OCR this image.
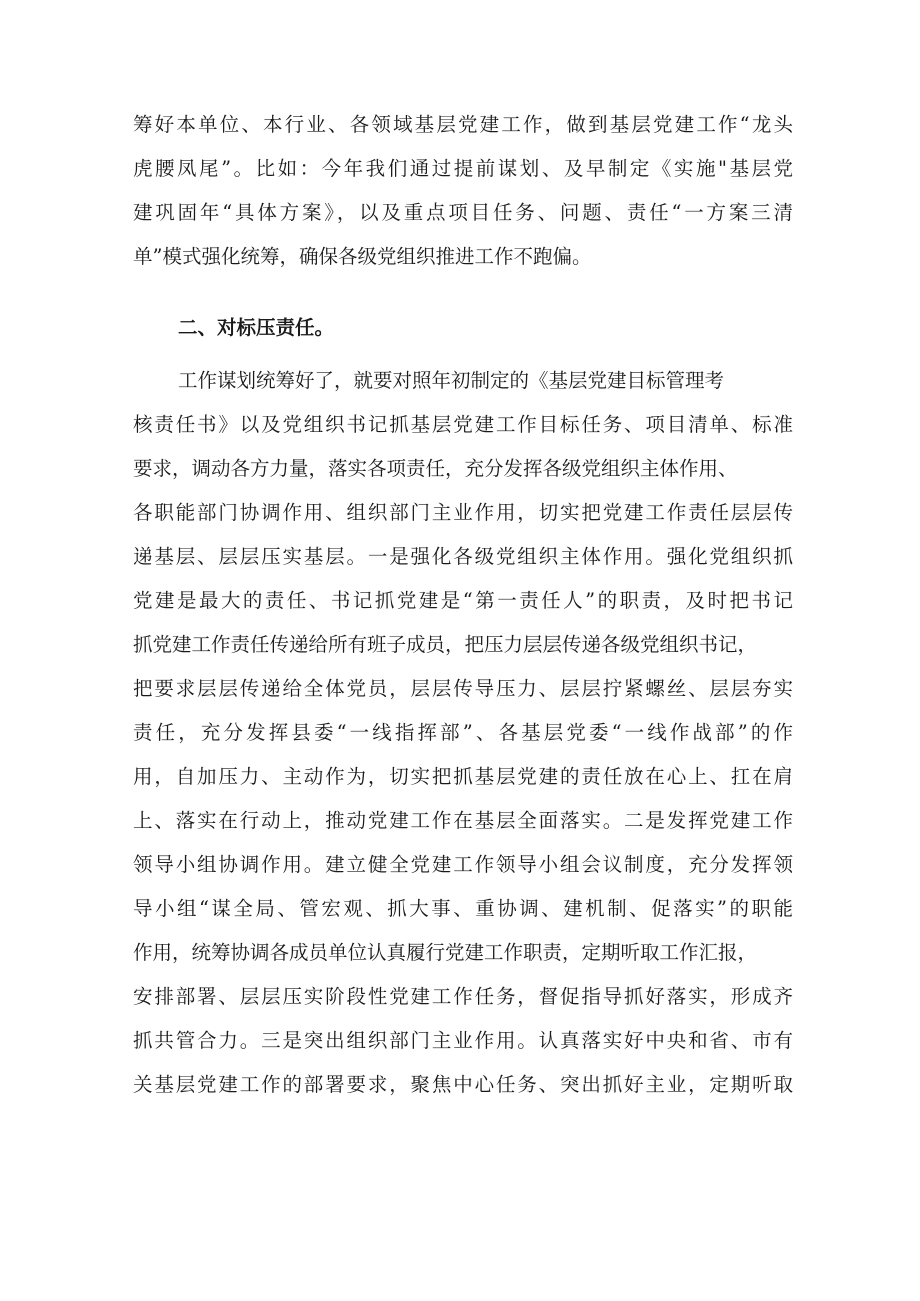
筹好本单位、本行业、各领域基层党建工作，做到基层党建工作“龙头
虎腰凤尾”。比如：今年我们通过提前谋划、及早制定《实施"基层党
建巩固年“具体方案》，以及重点项目任务、问题、责任“一方案三清
单”模式强化统筹，确保各级党组织推进工作不跑偏。
二、对标压责任。
工作谋划统筹好了，就要对照年初制定的《基层党建目标管理考
核责任书》以及党组织书记抓基层党建工作目标任务、项目清单、标准
要求，调动各方力量，落实各项责任，充分发挥各级党组织主体作用、
各职能部门协调作用、组织部门主业作用，切实把党建工作责任层层传
递基层、层层压实基层。一是强化各级党组织主体作用。强化党组织抓
党建是最大的责任、书记抓党建是“第一责任人”的职责，及时把书记
抓党建工作责任传递给所有班子成员，把压力层层传递各级党组织书记，
把要求层层传递给全体党员，层层传导压力、层层拧紧螺丝、层层夯实
责任，充分发挥县委“一线指挥部”、各基层党委“一线作战部”的作
用，自加压力、主动作为，切实把抓基层党建的责任放在心上、扛在肩
上、落实在行动上，推动党建工作在基层全面落实。二是发挥党建工作
领导小组协调作用。建立健全党建工作领导小组会议制度，充分发挥领
导小组“谋全局、管宏观、抓大事、重协调、建机制、促落实”的职能
作用，统筹协调各成员单位认真履行党建工作职责，定期听取工作汇报，
安排部署、层层压实阶段性党建工作任务，督促指导抓好落实，形成齐
抓共管合力。三是突出组织部门主业作用。认真落实好中央和省、市有
关基层党建工作的部署要求，聚焦中心任务、突出抓好主业，定期听取
